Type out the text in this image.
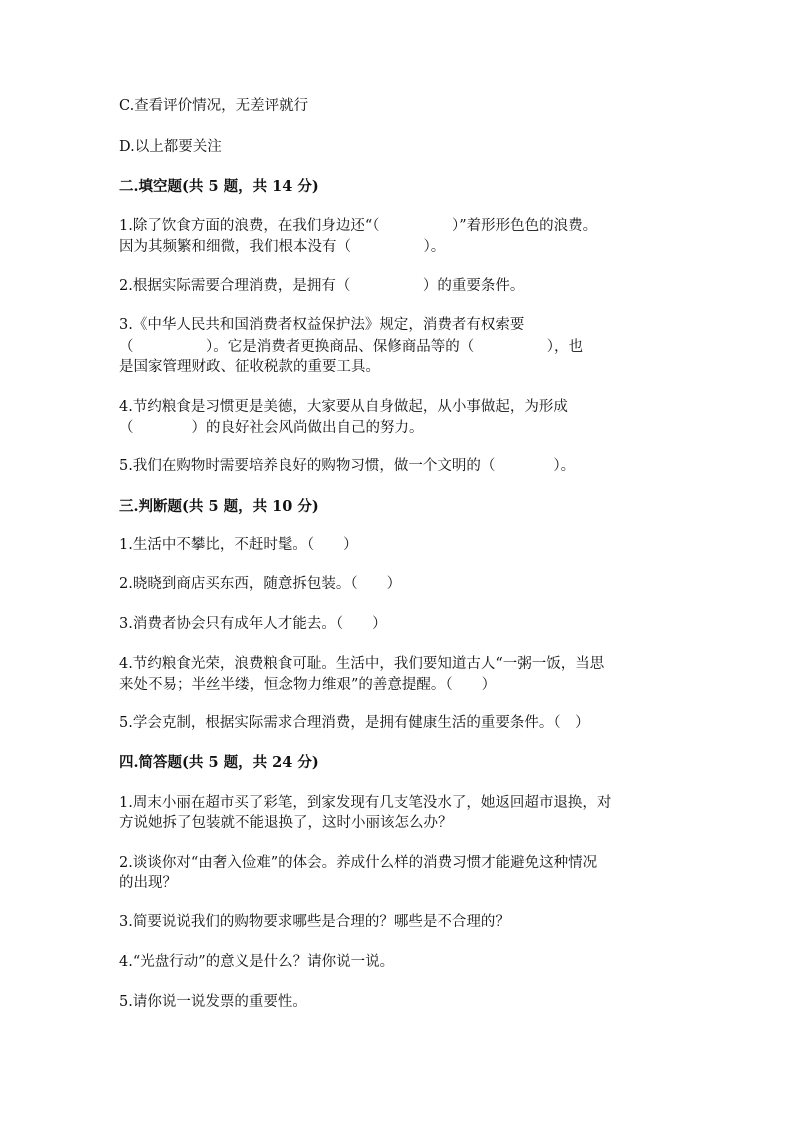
C.查看评价情况，无差评就行
D.以上都要关注
二.填空题(共 5 题，共 14 分)
1.除了饮食方面的浪费，在我们身边还“（　　　　　）”着形形色色的浪费。
因为其频繁和细微，我们根本没有（　　　　　）。
2.根据实际需要合理消费，是拥有（　　　　　）的重要条件。
3.《中华人民共和国消费者权益保护法》规定，消费者有权索要
（　　　　　）。它是消费者更换商品、保修商品等的（　　　　　），也
是国家管理财政、征收税款的重要工具。
4.节约粮食是习惯更是美德，大家要从自身做起，从小事做起，为形成
（　　　　）的良好社会风尚做出自己的努力。
5.我们在购物时需要培养良好的购物习惯，做一个文明的（　　　　）。
三.判断题(共 5 题，共 10 分)
1.生活中不攀比，不赶时髦。（　　）
2.晓晓到商店买东西，随意拆包装。（　　）
3.消费者协会只有成年人才能去。（　　）
4.节约粮食光荣，浪费粮食可耻。生活中，我们要知道古人“一粥一饭，当思
来处不易；半丝半缕，恒念物力维艰”的善意提醒。（　　）
5.学会克制，根据实际需求合理消费，是拥有健康生活的重要条件。（　）
四.简答题(共 5 题，共 24 分)
1.周末小丽在超市买了彩笔，到家发现有几支笔没水了，她返回超市退换，对
方说她拆了包装就不能退换了，这时小丽该怎么办？
2.谈谈你对“由奢入俭难”的体会。养成什么样的消费习惯才能避免这种情况
的出现？
3.简要说说我们的购物要求哪些是合理的？哪些是不合理的？
4.“光盘行动”的意义是什么？请你说一说。
5.请你说一说发票的重要性。
